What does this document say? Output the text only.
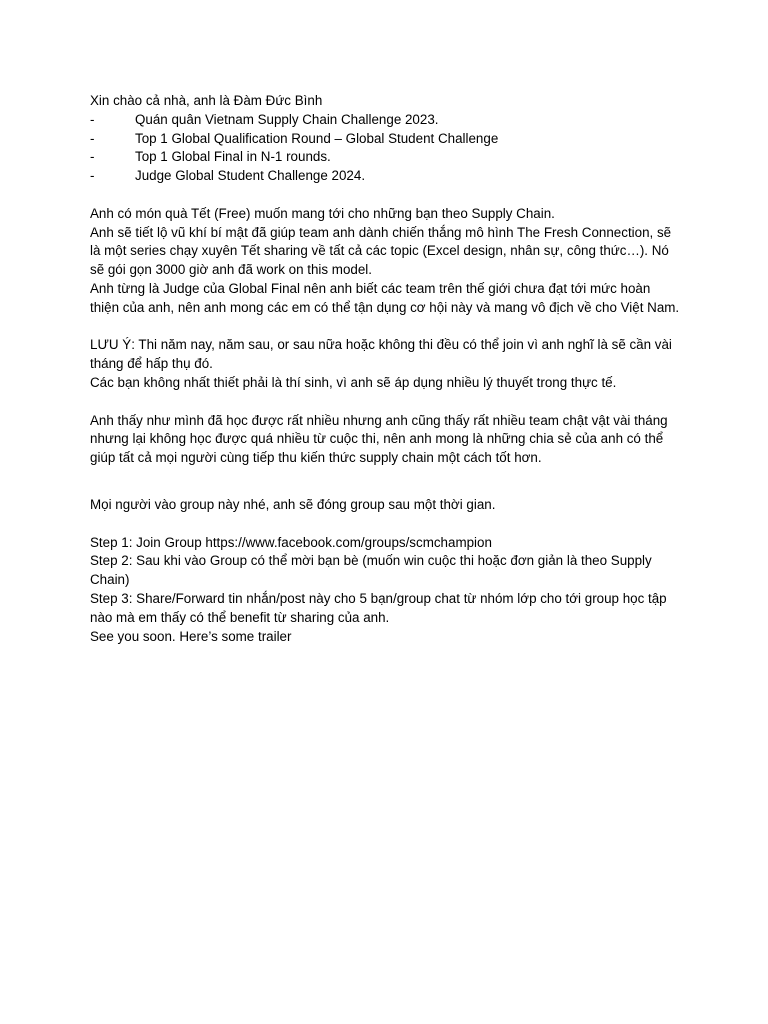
Xin chào cả nhà, anh là Đàm Đức Bình

-	Quán quân Vietnam Supply Chain Challenge 2023.
-	Top 1 Global Qualification Round – Global Student Challenge
-	Top 1 Global Final in N-1 rounds.
-	Judge Global Student Challenge 2024.

Anh có món quà Tết (Free) muốn mang tới cho những bạn theo Supply Chain.

Anh sẽ tiết lộ vũ khí bí mật đã giúp team anh dành chiến thắng mô hình The Fresh Connection, sẽ là một series chạy xuyên Tết sharing về tất cả các topic (Excel design, nhân sự, công thức…). Nó sẽ gói gọn 3000 giờ anh đã work on this model.

Anh từng là Judge của Global Final nên anh biết các team trên thế giới chưa đạt tới mức hoàn thiện của anh, nên anh mong các em có thể tận dụng cơ hội này và mang vô địch về cho Việt Nam.

LƯU Ý: Thi năm nay, năm sau, or sau nữa hoặc không thi đều có thể join vì anh nghĩ là sẽ cần vài tháng để hấp thụ đó.

Các bạn không nhất thiết phải là thí sinh, vì anh sẽ áp dụng nhiều lý thuyết trong thực tế.

Anh thấy như mình đã học được rất nhiều nhưng anh cũng thấy rất nhiều team chật vật vài tháng nhưng lại không học được quá nhiều từ cuộc thi, nên anh mong là những chia sẻ của anh có thể giúp tất cả mọi người cùng tiếp thu kiến thức supply chain một cách tốt hơn.

Mọi người vào group này nhé, anh sẽ đóng group sau một thời gian.

Step 1: Join Group https://www.facebook.com/groups/scmchampion

Step 2: Sau khi vào Group có thể mời bạn bè (muốn win cuộc thi hoặc đơn giản là theo Supply Chain)

Step 3: Share/Forward tin nhắn/post này cho 5 bạn/group chat từ nhóm lớp cho tới group học tập nào mà em thấy có thể benefit từ sharing của anh.

See you soon. Here’s some trailer
